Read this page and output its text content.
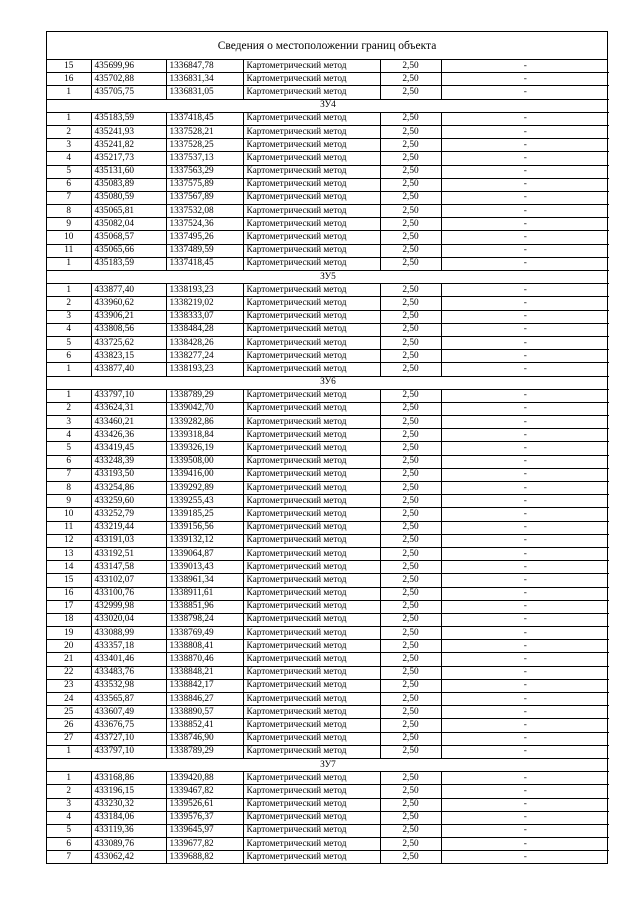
Сведения о местоположении границ объекта
15	435699,96	1336847,78	Картометрический метод	2,50	-
16	435702,88	1336831,34	Картометрический метод	2,50	-
1	435705,75	1336831,05	Картометрический метод	2,50	-
ЗУ4					
1	435183,59	1337418,45	Картометрический метод	2,50	-
2	435241,93	1337528,21	Картометрический метод	2,50	-
3	435241,82	1337528,25	Картометрический метод	2,50	-
4	435217,73	1337537,13	Картометрический метод	2,50	-
5	435131,60	1337563,29	Картометрический метод	2,50	-
6	435083,89	1337575,89	Картометрический метод	2,50	-
7	435080,59	1337567,89	Картометрический метод	2,50	-
8	435065,81	1337532,08	Картометрический метод	2,50	-
9	435082,04	1337524,36	Картометрический метод	2,50	-
10	435068,57	1337495,26	Картометрический метод	2,50	-
11	435065,66	1337489,59	Картометрический метод	2,50	-
1	435183,59	1337418,45	Картометрический метод	2,50	-
ЗУ5					
1	433877,40	1338193,23	Картометрический метод	2,50	-
2	433960,62	1338219,02	Картометрический метод	2,50	-
3	433906,21	1338333,07	Картометрический метод	2,50	-
4	433808,56	1338484,28	Картометрический метод	2,50	-
5	433725,62	1338428,26	Картометрический метод	2,50	-
6	433823,15	1338277,24	Картометрический метод	2,50	-
1	433877,40	1338193,23	Картометрический метод	2,50	-
ЗУ6					
1	433797,10	1338789,29	Картометрический метод	2,50	-
2	433624,31	1339042,70	Картометрический метод	2,50	-
3	433460,21	1339282,86	Картометрический метод	2,50	-
4	433426,36	1339318,84	Картометрический метод	2,50	-
5	433419,45	1339326,19	Картометрический метод	2,50	-
6	433248,39	1339508,00	Картометрический метод	2,50	-
7	433193,50	1339416,00	Картометрический метод	2,50	-
8	433254,86	1339292,89	Картометрический метод	2,50	-
9	433259,60	1339255,43	Картометрический метод	2,50	-
10	433252,79	1339185,25	Картометрический метод	2,50	-
11	433219,44	1339156,56	Картометрический метод	2,50	-
12	433191,03	1339132,12	Картометрический метод	2,50	-
13	433192,51	1339064,87	Картометрический метод	2,50	-
14	433147,58	1339013,43	Картометрический метод	2,50	-
15	433102,07	1338961,34	Картометрический метод	2,50	-
16	433100,76	1338911,61	Картометрический метод	2,50	-
17	432999,98	1338851,96	Картометрический метод	2,50	-
18	433020,04	1338798,24	Картометрический метод	2,50	-
19	433088,99	1338769,49	Картометрический метод	2,50	-
20	433357,18	1338808,41	Картометрический метод	2,50	-
21	433401,46	1338870,46	Картометрический метод	2,50	-
22	433483,76	1338848,21	Картометрический метод	2,50	-
23	433532,98	1338842,17	Картометрический метод	2,50	-
24	433565,87	1338846,27	Картометрический метод	2,50	-
25	433607,49	1338890,57	Картометрический метод	2,50	-
26	433676,75	1338852,41	Картометрический метод	2,50	-
27	433727,10	1338746,90	Картометрический метод	2,50	-
1	433797,10	1338789,29	Картометрический метод	2,50	-
ЗУ7					
1	433168,86	1339420,88	Картометрический метод	2,50	-
2	433196,15	1339467,82	Картометрический метод	2,50	-
3	433230,32	1339526,61	Картометрический метод	2,50	-
4	433184,06	1339576,37	Картометрический метод	2,50	-
5	433119,36	1339645,97	Картометрический метод	2,50	-
6	433089,76	1339677,82	Картометрический метод	2,50	-
7	433062,42	1339688,82	Картометрический метод	2,50	-
